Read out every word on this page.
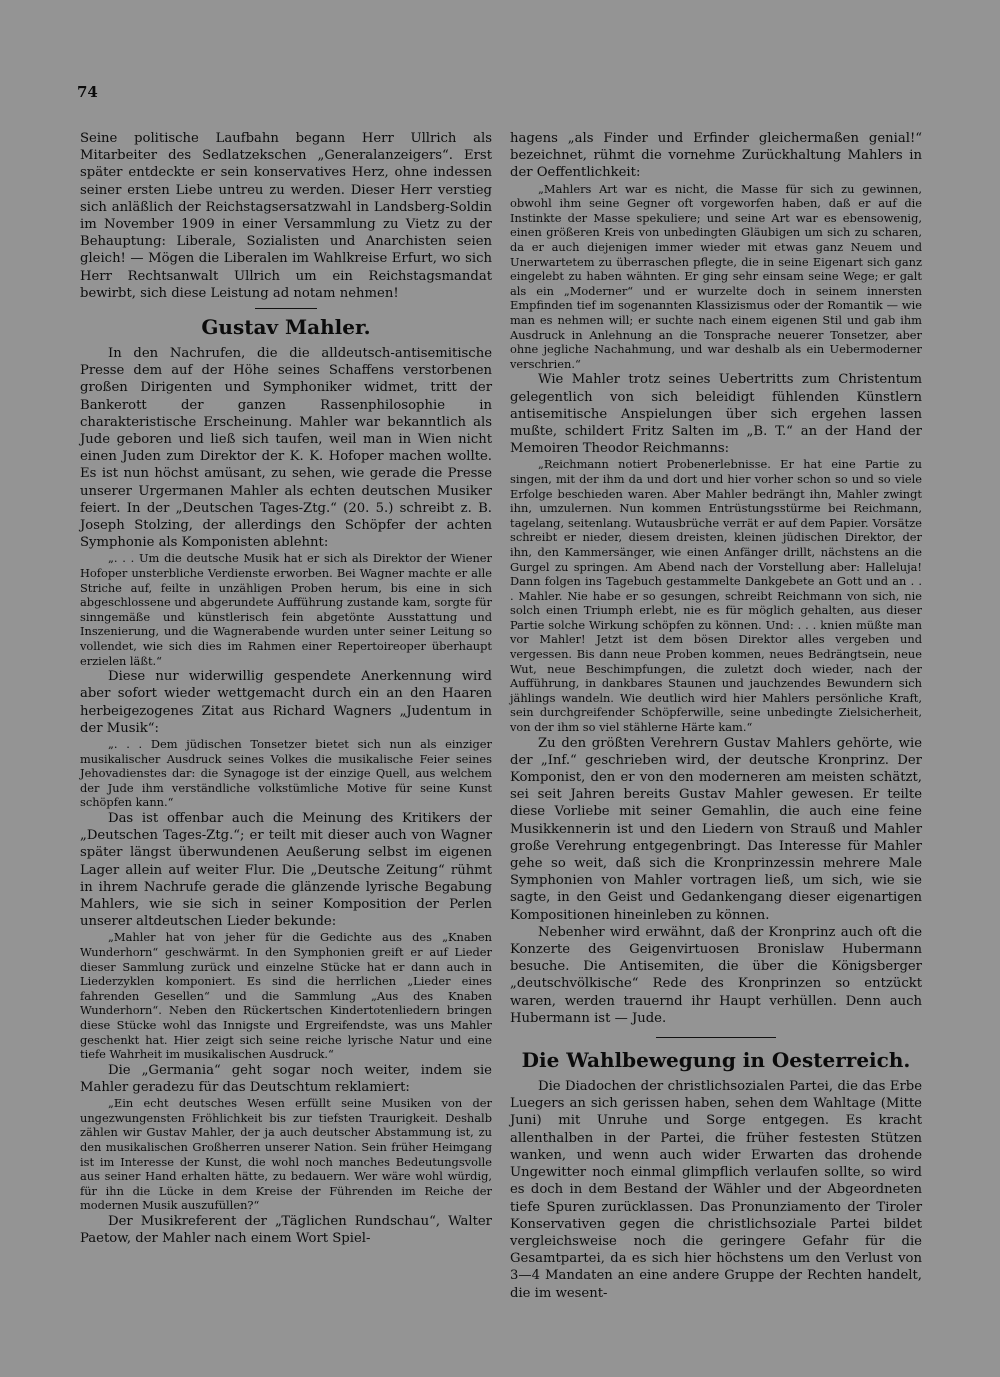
74

Seine politische Laufbahn begann Herr Ullrich als Mitarbeiter des Sedlatzekschen „Generalanzeigers“. Erst später entdeckte er sein konservatives Herz, ohne indessen seiner ersten Liebe untreu zu werden. Dieser Herr verstieg sich anläßlich der Reichstagsersatzwahl in Landsberg-Soldin im November 1909 in einer Versammlung zu Vietz zu der Behauptung: Liberale, Sozialisten und Anarchisten seien gleich! — Mögen die Liberalen im Wahlkreise Erfurt, wo sich Herr Rechtsanwalt Ullrich um ein Reichstagsmandat bewirbt, sich diese Leistung ad notam nehmen!

Gustav Mahler.

In den Nachrufen, die die alldeutsch-antisemitische Presse dem auf der Höhe seines Schaffens verstorbenen großen Dirigenten und Symphoniker widmet, tritt der Bankerott der ganzen Rassenphilosophie in charakteristische Erscheinung. Mahler war bekanntlich als Jude geboren und ließ sich taufen, weil man in Wien nicht einen Juden zum Direktor der K. K. Hofoper machen wollte. Es ist nun höchst amüsant, zu sehen, wie gerade die Presse unserer Urgermanen Mahler als echten deutschen Musiker feiert. In der „Deutschen Tages-Ztg.“ (20. 5.) schreibt z. B. Joseph Stolzing, der allerdings den Schöpfer der achten Symphonie als Komponisten ablehnt:

„. . . Um die deutsche Musik hat er sich als Direktor der Wiener Hofoper unsterbliche Verdienste erworben. Bei Wagner machte er alle Striche auf, feilte in unzähligen Proben herum, bis eine in sich abgeschlossene und abgerundete Aufführung zustande kam, sorgte für sinngemäße und künstlerisch fein abgetönte Ausstattung und Inszenierung, und die Wagnerabende wurden unter seiner Leitung so vollendet, wie sich dies im Rahmen einer Repertoireoper überhaupt erzielen läßt.“

Diese nur widerwillig gespendete Anerkennung wird aber sofort wieder wettgemacht durch ein an den Haaren herbeigezogenes Zitat aus Richard Wagners „Judentum in der Musik“:

„. . . Dem jüdischen Tonsetzer bietet sich nun als einziger musikalischer Ausdruck seines Volkes die musikalische Feier seines Jehovadienstes dar: die Synagoge ist der einzige Quell, aus welchem der Jude ihm verständliche volkstümliche Motive für seine Kunst schöpfen kann.“

Das ist offenbar auch die Meinung des Kritikers der „Deutschen Tages-Ztg.“; er teilt mit dieser auch von Wagner später längst überwundenen Aeußerung selbst im eigenen Lager allein auf weiter Flur. Die „Deutsche Zeitung“ rühmt in ihrem Nachrufe gerade die glänzende lyrische Begabung Mahlers, wie sie sich in seiner Komposition der Perlen unserer altdeutschen Lieder bekunde:

„Mahler hat von jeher für die Gedichte aus des „Knaben Wunderhorn“ geschwärmt. In den Symphonien greift er auf Lieder dieser Sammlung zurück und einzelne Stücke hat er dann auch in Liederzyklen komponiert. Es sind die herrlichen „Lieder eines fahrenden Gesellen“ und die Sammlung „Aus des Knaben Wunderhorn“. Neben den Rückertschen Kindertotenliedern bringen diese Stücke wohl das Innigste und Ergreifendste, was uns Mahler geschenkt hat. Hier zeigt sich seine reiche lyrische Natur und eine tiefe Wahrheit im musikalischen Ausdruck.“

Die „Germania“ geht sogar noch weiter, indem sie Mahler geradezu für das Deutschtum reklamiert:

„Ein echt deutsches Wesen erfüllt seine Musiken von der ungezwungensten Fröhlichkeit bis zur tiefsten Traurigkeit. Deshalb zählen wir Gustav Mahler, der ja auch deutscher Abstammung ist, zu den musikalischen Großherren unserer Nation. Sein früher Heimgang ist im Interesse der Kunst, die wohl noch manches Bedeutungsvolle aus seiner Hand erhalten hätte, zu bedauern. Wer wäre wohl würdig, für ihn die Lücke in dem Kreise der Führenden im Reiche der modernen Musik auszufüllen?“

Der Musikreferent der „Täglichen Rundschau“, Walter Paetow, der Mahler nach einem Wort Spiel-

hagens „als Finder und Erfinder gleichermaßen genial!“ bezeichnet, rühmt die vornehme Zurückhaltung Mahlers in der Oeffentlichkeit:

„Mahlers Art war es nicht, die Masse für sich zu gewinnen, obwohl ihm seine Gegner oft vorgeworfen haben, daß er auf die Instinkte der Masse spekuliere; und seine Art war es ebensowenig, einen größeren Kreis von unbedingten Gläubigen um sich zu scharen, da er auch diejenigen immer wieder mit etwas ganz Neuem und Unerwartetem zu überraschen pflegte, die in seine Eigenart sich ganz eingelebt zu haben wähnten. Er ging sehr einsam seine Wege; er galt als ein „Moderner“ und er wurzelte doch in seinem innersten Empfinden tief im sogenannten Klassizismus oder der Romantik — wie man es nehmen will; er suchte nach einem eigenen Stil und gab ihm Ausdruck in Anlehnung an die Tonsprache neuerer Tonsetzer, aber ohne jegliche Nachahmung, und war deshalb als ein Uebermoderner verschrien.“

Wie Mahler trotz seines Uebertritts zum Christentum gelegentlich von sich beleidigt fühlenden Künstlern antisemitische Anspielungen über sich ergehen lassen mußte, schildert Fritz Salten im „B. T.“ an der Hand der Memoiren Theodor Reichmanns:

„Reichmann notiert Probenerlebnisse. Er hat eine Partie zu singen, mit der ihm da und dort und hier vorher schon so und so viele Erfolge beschieden waren. Aber Mahler bedrängt ihn, Mahler zwingt ihn, umzulernen. Nun kommen Entrüstungsstürme bei Reichmann, tagelang, seitenlang. Wutausbrüche verrät er auf dem Papier. Vorsätze schreibt er nieder, diesem dreisten, kleinen jüdischen Direktor, der ihn, den Kammersänger, wie einen Anfänger drillt, nächstens an die Gurgel zu springen. Am Abend nach der Vorstellung aber: Halleluja! Dann folgen ins Tagebuch gestammelte Dankgebete an Gott und an . . . Mahler. Nie habe er so gesungen, schreibt Reichmann von sich, nie solch einen Triumph erlebt, nie es für möglich gehalten, aus dieser Partie solche Wirkung schöpfen zu können. Und: . . . knien müßte man vor Mahler! Jetzt ist dem bösen Direktor alles vergeben und vergessen. Bis dann neue Proben kommen, neues Bedrängtsein, neue Wut, neue Beschimpfungen, die zuletzt doch wieder, nach der Aufführung, in dankbares Staunen und jauchzendes Bewundern sich jählings wandeln. Wie deutlich wird hier Mahlers persönliche Kraft, sein durchgreifender Schöpferwille, seine unbedingte Zielsicherheit, von der ihm so viel stählerne Härte kam.“

Zu den größten Verehrern Gustav Mahlers gehörte, wie der „Inf.“ geschrieben wird, der deutsche Kronprinz. Der Komponist, den er von den moderneren am meisten schätzt, sei seit Jahren bereits Gustav Mahler gewesen. Er teilte diese Vorliebe mit seiner Gemahlin, die auch eine feine Musikkennerin ist und den Liedern von Strauß und Mahler große Verehrung entgegenbringt. Das Interesse für Mahler gehe so weit, daß sich die Kronprinzessin mehrere Male Symphonien von Mahler vortragen ließ, um sich, wie sie sagte, in den Geist und Gedankengang dieser eigenartigen Kompositionen hineinleben zu können.

Nebenher wird erwähnt, daß der Kronprinz auch oft die Konzerte des Geigenvirtuosen Bronislaw Hubermann besuche. Die Antisemiten, die über die Königsberger „deutschvölkische“ Rede des Kronprinzen so entzückt waren, werden trauernd ihr Haupt verhüllen. Denn auch Hubermann ist — Jude.

Die Wahlbewegung in Oesterreich.

Die Diadochen der christlichsozialen Partei, die das Erbe Luegers an sich gerissen haben, sehen dem Wahltage (Mitte Juni) mit Unruhe und Sorge entgegen. Es kracht allenthalben in der Partei, die früher festesten Stützen wanken, und wenn auch wider Erwarten das drohende Ungewitter noch einmal glimpflich verlaufen sollte, so wird es doch in dem Bestand der Wähler und der Abgeordneten tiefe Spuren zurücklassen. Das Pronunziamento der Tiroler Konservativen gegen die christlichsoziale Partei bildet vergleichsweise noch die geringere Gefahr für die Gesamtpartei, da es sich hier höchstens um den Verlust von 3—4 Mandaten an eine andere Gruppe der Rechten handelt, die im wesent-
